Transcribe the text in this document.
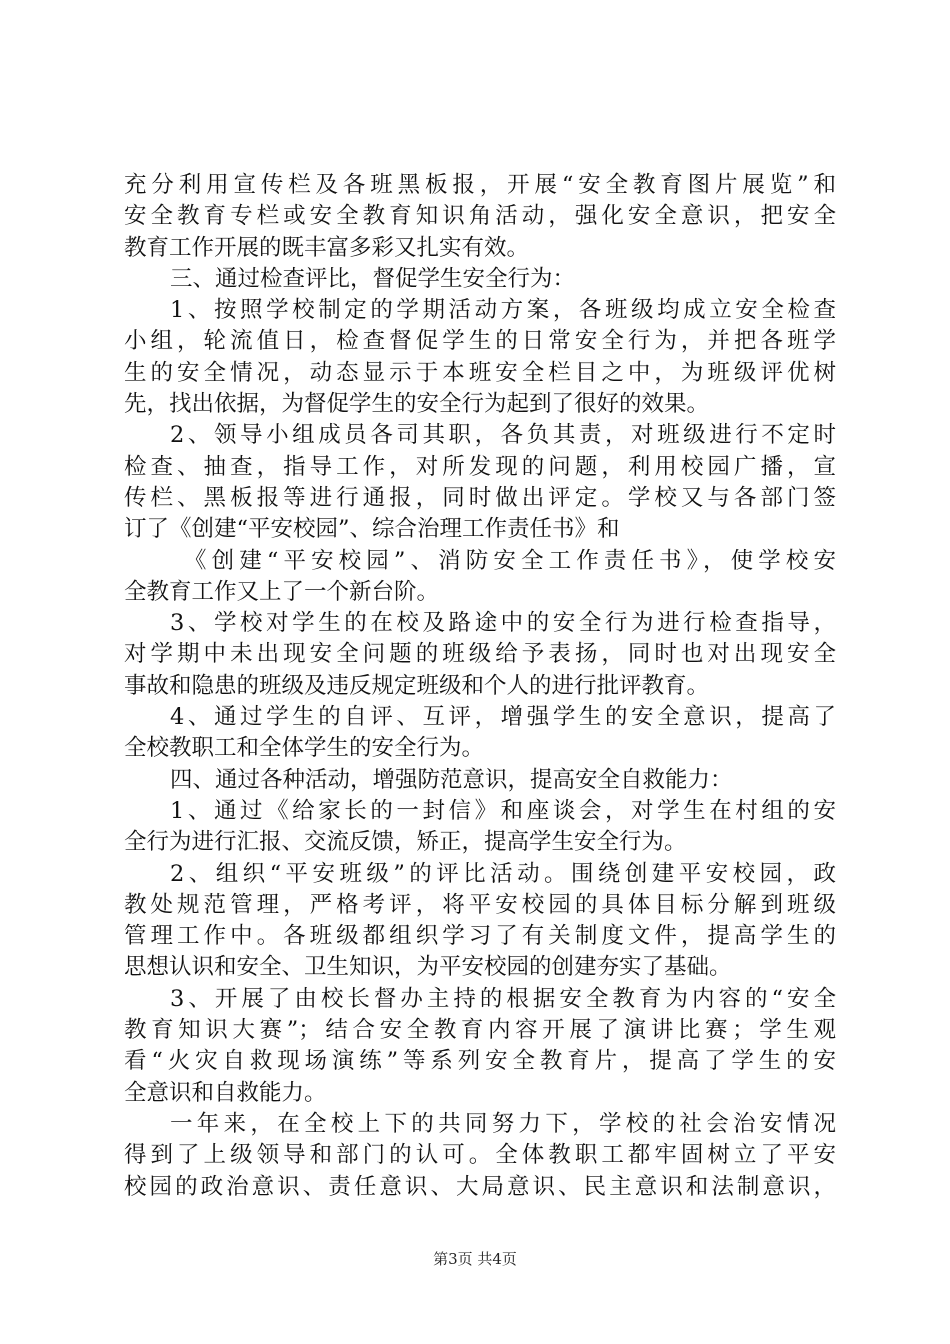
充分利用宣传栏及各班黑板报，开展“安全教育图片展览”和
安全教育专栏或安全教育知识角活动，强化安全意识，把安全
教育工作开展的既丰富多彩又扎实有效。
三、通过检查评比，督促学生安全行为：
1、按照学校制定的学期活动方案，各班级均成立安全检查
小组，轮流值日，检查督促学生的日常安全行为，并把各班学
生的安全情况，动态显示于本班安全栏目之中，为班级评优树
先，找出依据，为督促学生的安全行为起到了很好的效果。
2、领导小组成员各司其职，各负其责，对班级进行不定时
检查、抽查，指导工作，对所发现的问题，利用校园广播，宣
传栏、黑板报等进行通报，同时做出评定。学校又与各部门签
订了《创建“平安校园”、综合治理工作责任书》和
《创建“平安校园”、消防安全工作责任书》，使学校安
全教育工作又上了一个新台阶。
3、学校对学生的在校及路途中的安全行为进行检查指导，
对学期中未出现安全问题的班级给予表扬，同时也对出现安全
事故和隐患的班级及违反规定班级和个人的进行批评教育。
4、通过学生的自评、互评，增强学生的安全意识，提高了
全校教职工和全体学生的安全行为。
四、通过各种活动，增强防范意识，提高安全自救能力：
1、通过《给家长的一封信》和座谈会，对学生在村组的安
全行为进行汇报、交流反馈，矫正，提高学生安全行为。
2、组织“平安班级”的评比活动。围绕创建平安校园，政
教处规范管理，严格考评，将平安校园的具体目标分解到班级
管理工作中。各班级都组织学习了有关制度文件，提高学生的
思想认识和安全、卫生知识，为平安校园的创建夯实了基础。
3、开展了由校长督办主持的根据安全教育为内容的“安全
教育知识大赛”；结合安全教育内容开展了演讲比赛；学生观
看“火灾自救现场演练”等系列安全教育片，提高了学生的安
全意识和自救能力。
一年来，在全校上下的共同努力下，学校的社会治安情况
得到了上级领导和部门的认可。全体教职工都牢固树立了平安
校园的政治意识、责任意识、大局意识、民主意识和法制意识，
第3页 共4页
